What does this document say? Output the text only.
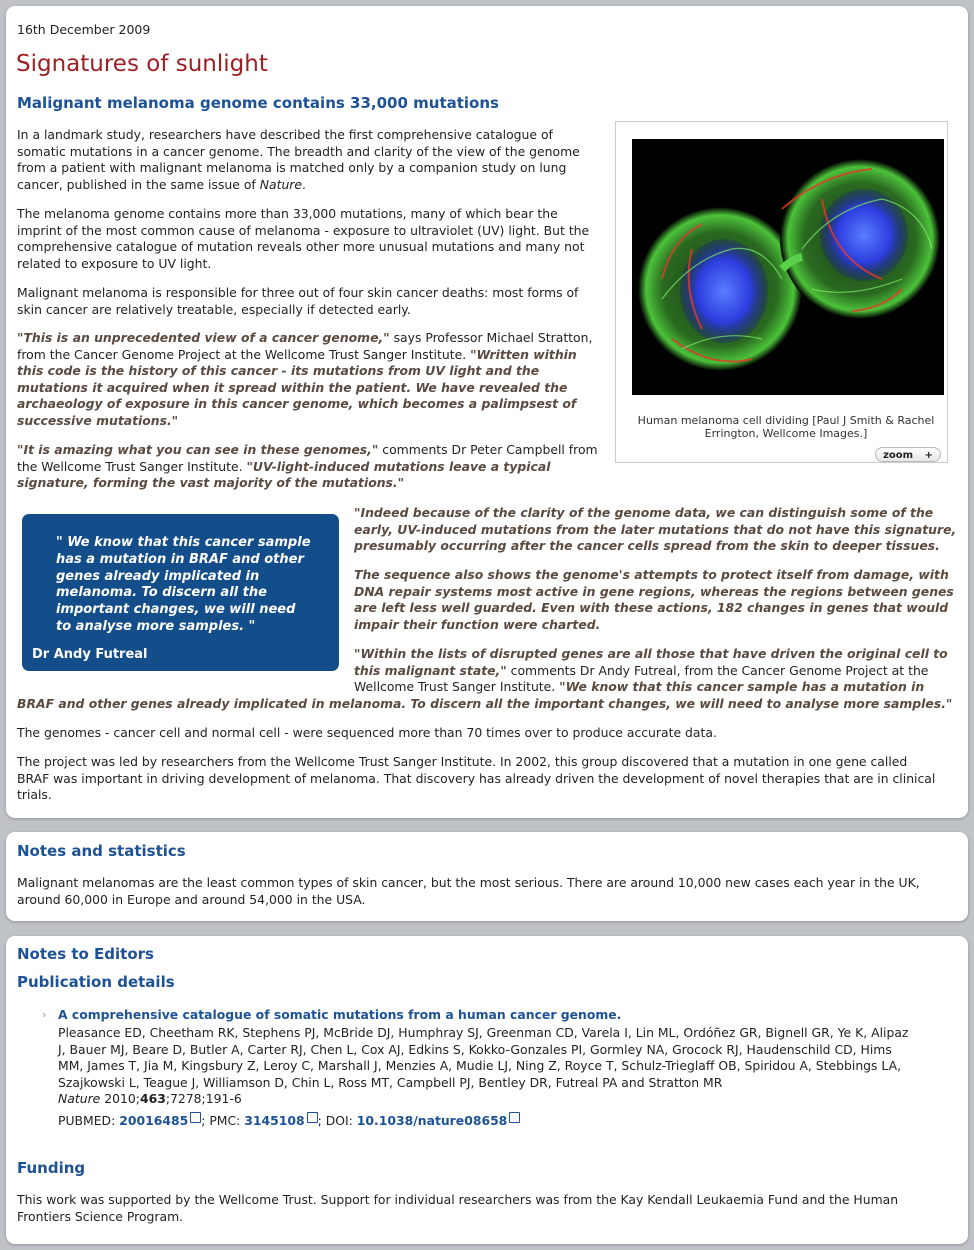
16th December 2009
Signatures of sunlight
Malignant melanoma genome contains 33,000 mutations
Human melanoma cell dividing [Paul J Smith & Rachel
Errington, Wellcome Images.]
zoom +
In a landmark study, researchers have described the first comprehensive catalogue of
somatic mutations in a cancer genome. The breadth and clarity of the view of the genome
from a patient with malignant melanoma is matched only by a companion study on lung
cancer, published in the same issue of Nature.
The melanoma genome contains more than 33,000 mutations, many of which bear the
imprint of the most common cause of melanoma - exposure to ultraviolet (UV) light. But the
comprehensive catalogue of mutation reveals other more unusual mutations and many not
related to exposure to UV light.
Malignant melanoma is responsible for three out of four skin cancer deaths: most forms of
skin cancer are relatively treatable, especially if detected early.
"This is an unprecedented view of a cancer genome," says Professor Michael Stratton,
from the Cancer Genome Project at the Wellcome Trust Sanger Institute. "Written within
this code is the history of this cancer - its mutations from UV light and the
mutations it acquired when it spread within the patient. We have revealed the
archaeology of exposure in this cancer genome, which becomes a palimpsest of
successive mutations."
"It is amazing what you can see in these genomes," comments Dr Peter Campbell from
the Wellcome Trust Sanger Institute. "UV-light-induced mutations leave a typical
signature, forming the vast majority of the mutations."
" We know that this cancer sample
has a mutation in BRAF and other
genes already implicated in
melanoma. To discern all the
important changes, we will need
to analyse more samples. "
Dr Andy Futreal
"Indeed because of the clarity of the genome data, we can distinguish some of the
early, UV-induced mutations from the later mutations that do not have this signature,
presumably occurring after the cancer cells spread from the skin to deeper tissues.
The sequence also shows the genome's attempts to protect itself from damage, with
DNA repair systems most active in gene regions, whereas the regions between genes
are left less well guarded. Even with these actions, 182 changes in genes that would
impair their function were charted.
"Within the lists of disrupted genes are all those that have driven the original cell to
this malignant state," comments Dr Andy Futreal, from the Cancer Genome Project at the
Wellcome Trust Sanger Institute. "We know that this cancer sample has a mutation in
BRAF and other genes already implicated in melanoma. To discern all the important changes, we will need to analyse more samples."
The genomes - cancer cell and normal cell - were sequenced more than 70 times over to produce accurate data.
The project was led by researchers from the Wellcome Trust Sanger Institute. In 2002, this group discovered that a mutation in one gene called
BRAF was important in driving development of melanoma. That discovery has already driven the development of novel therapies that are in clinical
trials.
Notes and statistics
Malignant melanomas are the least common types of skin cancer, but the most serious. There are around 10,000 new cases each year in the UK,
around 60,000 in Europe and around 54,000 in the USA.
Notes to Editors
Publication details
› A comprehensive catalogue of somatic mutations from a human cancer genome.
Pleasance ED, Cheetham RK, Stephens PJ, McBride DJ, Humphray SJ, Greenman CD, Varela I, Lin ML, Ordóñez GR, Bignell GR, Ye K, Alipaz
J, Bauer MJ, Beare D, Butler A, Carter RJ, Chen L, Cox AJ, Edkins S, Kokko-Gonzales PI, Gormley NA, Grocock RJ, Haudenschild CD, Hims
MM, James T, Jia M, Kingsbury Z, Leroy C, Marshall J, Menzies A, Mudie LJ, Ning Z, Royce T, Schulz-Trieglaff OB, Spiridou A, Stebbings LA,
Szajkowski L, Teague J, Williamson D, Chin L, Ross MT, Campbell PJ, Bentley DR, Futreal PA and Stratton MR
Nature 2010;463;7278;191-6
PUBMED: 20016485 ; PMC: 3145108 ; DOI: 10.1038/nature08658
Funding
This work was supported by the Wellcome Trust. Support for individual researchers was from the Kay Kendall Leukaemia Fund and the Human
Frontiers Science Program.
